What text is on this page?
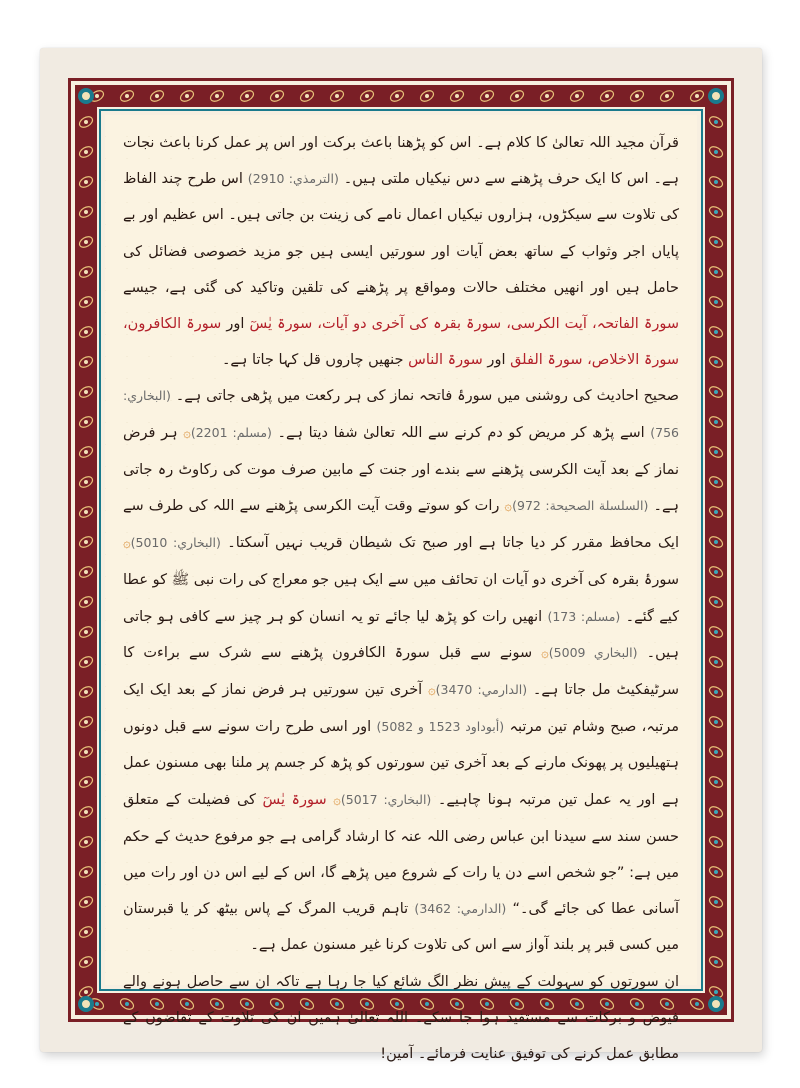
قرآن مجید اللہ تعالیٰ کا کلام ہے۔ اس کو پڑھنا باعث برکت اور اس پر عمل کرنا باعث نجات ہے۔ اس کا ایک حرف پڑھنے سے دس نیکیاں ملتی ہیں۔ (الترمذي: 2910) اس طرح چند الفاظ کی تلاوت سے سیکڑوں، ہزاروں نیکیاں اعمال نامے کی زینت بن جاتی ہیں۔ اس عظیم اور بے پایاں اجر وثواب کے ساتھ بعض آیات اور سورتیں ایسی ہیں جو مزید خصوصی فضائل کی حامل ہیں اور انھیں مختلف حالات ومواقع پر پڑھنے کی تلقین وتاکید کی گئی ہے، جیسے سورۃ الفاتحہ، آیت الکرسی، سورۃ بقرہ کی آخری دو آیات، سورۃ یٰسٓ اور سورۃ الکافرون، سورۃ الاخلاص، سورۃ الفلق اور سورۃ الناس جنھیں چاروں قل کہا جاتا ہے۔

صحیح احادیث کی روشنی میں سورۂ فاتحہ نماز کی ہر رکعت میں پڑھی جاتی ہے۔ (البخاري: 756) اسے پڑھ کر مریض کو دم کرنے سے اللہ تعالیٰ شفا دیتا ہے۔ (مسلم: 2201)۞ ہر فرض نماز کے بعد آیت الکرسی پڑھنے سے بندے اور جنت کے مابین صرف موت کی رکاوٹ رہ جاتی ہے۔ (السلسلة الصحيحة: 972)۞ رات کو سوتے وقت آیت الکرسی پڑھنے سے اللہ کی طرف سے ایک محافظ مقرر کر دیا جاتا ہے اور صبح تک شیطان قریب نہیں آسکتا۔ (البخاري: 5010)۞ سورۂ بقرہ کی آخری دو آیات ان تحائف میں سے ایک ہیں جو معراج کی رات نبی ﷺ کو عطا کیے گئے۔ (مسلم: 173) انھیں رات کو پڑھ لیا جائے تو یہ انسان کو ہر چیز سے کافی ہو جاتی ہیں۔ (البخاري 5009)۞ سونے سے قبل سورۃ الکافرون پڑھنے سے شرک سے براءت کا سرٹیفکیٹ مل جاتا ہے۔ (الدارمي: 3470)۞ آخری تین سورتیں ہر فرض نماز کے بعد ایک ایک مرتبہ، صبح وشام تین مرتبہ (أبوداود 1523 و 5082) اور اسی طرح رات سونے سے قبل دونوں ہتھیلیوں پر پھونک مارنے کے بعد آخری تین سورتوں کو پڑھ کر جسم پر ملنا بھی مسنون عمل ہے اور یہ عمل تین مرتبہ ہونا چاہیے۔ (البخاري: 5017)۞ سورۃ یٰسٓ کی فضیلت کے متعلق حسن سند سے سیدنا ابن عباس رضی اللہ عنہ کا ارشاد گرامی ہے جو مرفوع حدیث کے حکم میں ہے: ”جو شخص اسے دن یا رات کے شروع میں پڑھے گا، اس کے لیے اس دن اور رات میں آسانی عطا کی جائے گی۔“ (الدارمي: 3462) تاہم قریب المرگ کے پاس بیٹھ کر یا قبرستان میں کسی قبر پر بلند آواز سے اس کی تلاوت کرنا غیر مسنون عمل ہے۔

ان سورتوں کو سہولت کے پیش نظر الگ شائع کیا جا رہا ہے تاکہ ان سے حاصل ہونے والے فیوض و برکات سے مستفید ہوا جا سکے۔ اللہ تعالیٰ ہمیں ان کی تلاوت کے تقاضوں کے مطابق عمل کرنے کی توفیق عنایت فرمائے۔ آمین!
